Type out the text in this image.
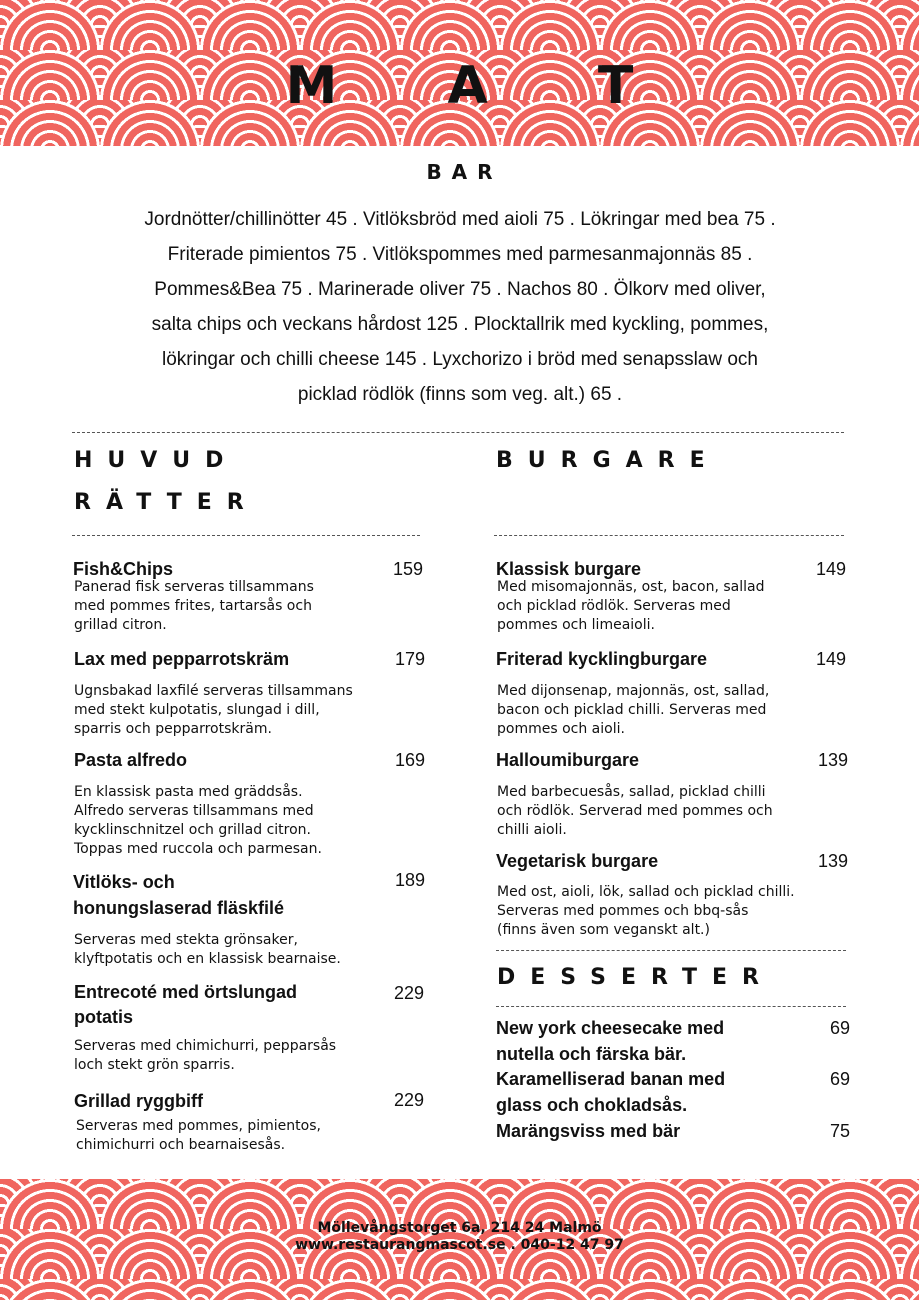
M A T
BAR
Jordnötter/chillinötter 45 . Vitlöksbröd med aioli 75 . Lökringar med bea 75 .
Friterade pimientos 75 . Vitlökspommes med parmesanmajonnäs 85 .
Pommes&Bea 75 . Marinerade oliver 75 . Nachos 80 . Ölkorv med oliver,
salta chips och veckans hårdost 125 . Plocktallrik med kyckling, pommes,
lökringar och chilli cheese 145 . Lyxchorizo i bröd med senapsslaw och
picklad rödlök (finns som veg. alt.) 65 .
HUVUD
RÄTTER
Fish&Chips	159
Panerad fisk serveras tillsammans
med pommes frites, tartarsås och
grillad citron.
Lax med pepparrotskräm	179
Ugnsbakad laxfilé serveras tillsammans
med stekt kulpotatis, slungad i dill,
sparris och pepparrotskräm.
Pasta alfredo	169
En klassisk pasta med gräddsås.
Alfredo serveras tillsammans med
kycklinschnitzel och grillad citron.
Toppas med ruccola och parmesan.
Vitlöks- och
honungslaserad fläskfilé
189
Serveras med stekta grönsaker,
klyftpotatis och en klassisk bearnaise.
Entrecoté med örtslungad
potatis
229
Serveras med chimichurri, pepparsås
loch stekt grön sparris.
Grillad ryggbiff	229
Serveras med pommes, pimientos,
chimichurri och bearnaisesås.
BURGARE
Klassisk burgare	149
Med misomajonnäs, ost, bacon, sallad
och picklad rödlök. Serveras med
pommes och limeaioli.
Friterad kycklingburgare	149
Med dijonsenap, majonnäs, ost, sallad,
bacon och picklad chilli. Serveras med
pommes och aioli.
Halloumiburgare	139
Med barbecuesås, sallad, picklad chilli
och rödlök. Serverad med pommes och
chilli aioli.
Vegetarisk burgare	139
Med ost, aioli, lök, sallad och picklad chilli.
Serveras med pommes och bbq-sås
(finns även som veganskt alt.)
DESSERTER
New york cheesecake med
nutella och färska bär.
69
Karamelliserad banan med
glass och chokladsås.
69
Marängsviss med bär	75
Möllevångstorget 6a, 214 24 Malmö
www.restaurangmascot.se . 040-12 47 97
